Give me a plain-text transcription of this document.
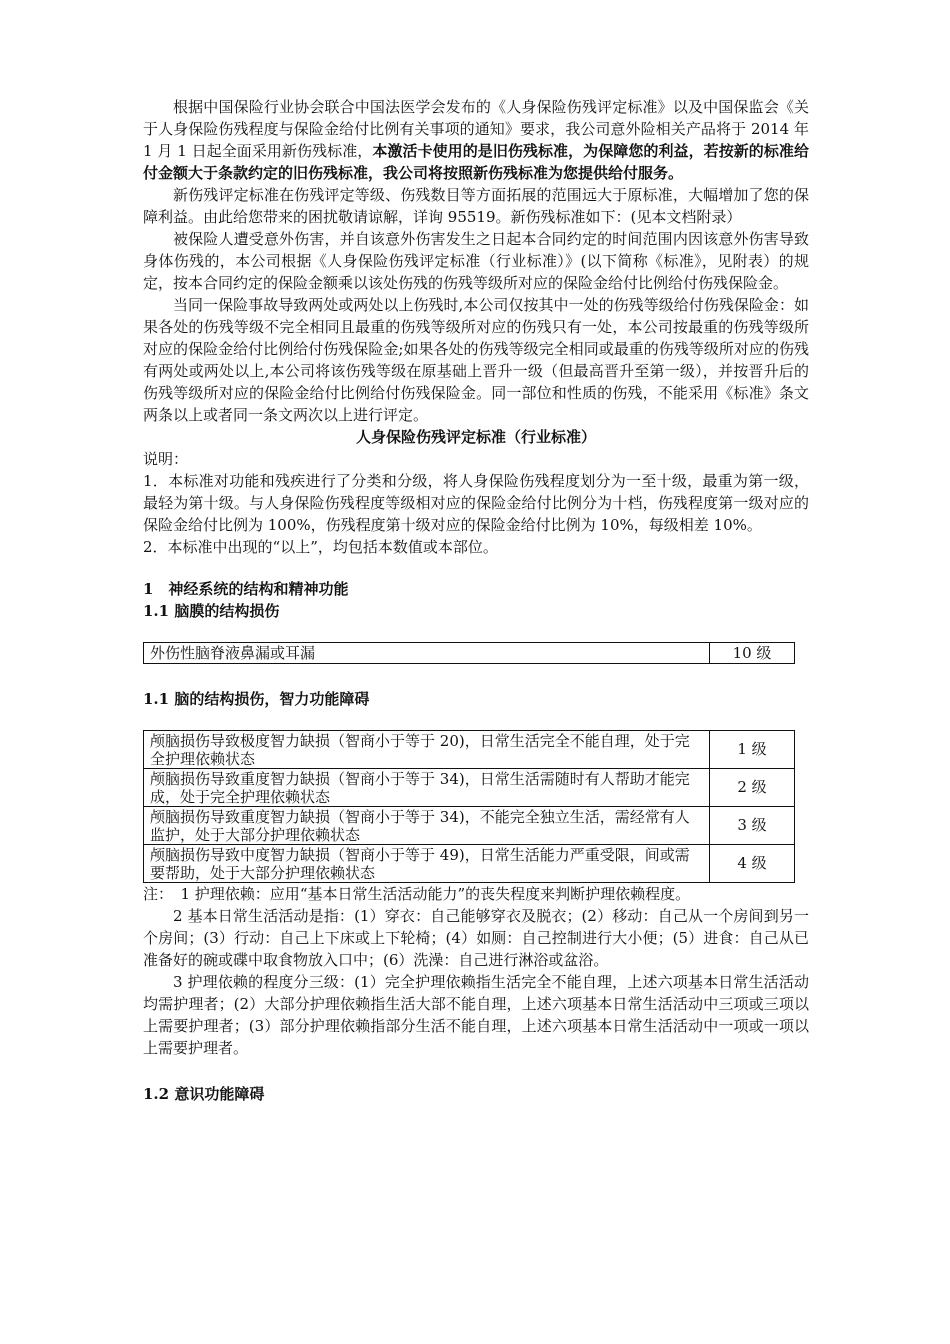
根据中国保险行业协会联合中国法医学会发布的《人身保险伤残评定标准》以及中国保监会《关于人身保险伤残程度与保险金给付比例有关事项的通知》要求，我公司意外险相关产品将于 2014 年 1 月 1 日起全面采用新伤残标准，本激活卡使用的是旧伤残标准，为保障您的利益，若按新的标准给付金额大于条款约定的旧伤残标准，我公司将按照新伤残标准为您提供给付服务。

新伤残评定标准在伤残评定等级、伤残数目等方面拓展的范围远大于原标准，大幅增加了您的保障利益。由此给您带来的困扰敬请谅解，详询 95519。新伤残标准如下：(见本文档附录）

被保险人遭受意外伤害，并自该意外伤害发生之日起本合同约定的时间范围内因该意外伤害导致身体伤残的，本公司根据《人身保险伤残评定标准（行业标准）》(以下简称《标准》，见附表）的规定，按本合同约定的保险金额乘以该处伤残的伤残等级所对应的保险金给付比例给付伤残保险金。

当同一保险事故导致两处或两处以上伤残时,本公司仅按其中一处的伤残等级给付伤残保险金：如果各处的伤残等级不完全相同且最重的伤残等级所对应的伤残只有一处，本公司按最重的伤残等级所对应的保险金给付比例给付伤残保险金;如果各处的伤残等级完全相同或最重的伤残等级所对应的伤残有两处或两处以上,本公司将该伤残等级在原基础上晋升一级（但最高晋升至第一级），并按晋升后的伤残等级所对应的保险金给付比例给付伤残保险金。同一部位和性质的伤残，不能采用《标准》条文两条以上或者同一条文两次以上进行评定。

人身保险伤残评定标准（行业标准）

说明：

1．本标准对功能和残疾进行了分类和分级，将人身保险伤残程度划分为一至十级，最重为第一级，最轻为第十级。与人身保险伤残程度等级相对应的保险金给付比例分为十档，伤残程度第一级对应的保险金给付比例为 100%，伤残程度第十级对应的保险金给付比例为 10%，每级相差 10%。

2．本标准中出现的“以上”，均包括本数值或本部位。

1　神经系统的结构和精神功能

1.1 脑膜的结构损伤

外伤性脑脊液鼻漏或耳漏	10 级

1.1 脑的结构损伤，智力功能障碍

颅脑损伤导致极度智力缺损（智商小于等于 20)，日常生活完全不能自理，处于完全护理依赖状态	1 级
颅脑损伤导致重度智力缺损（智商小于等于 34)，日常生活需随时有人帮助才能完成，处于完全护理依赖状态	2 级
颅脑损伤导致重度智力缺损（智商小于等于 34)，不能完全独立生活，需经常有人监护，处于大部分护理依赖状态	3 级
颅脑损伤导致中度智力缺损（智商小于等于 49)，日常生活能力严重受限，间或需要帮助，处于大部分护理依赖状态	4 级

注：　1 护理依赖：应用“基本日常生活活动能力”的丧失程度来判断护理依赖程度。

2 基本日常生活活动是指：(1）穿衣：自己能够穿衣及脱衣；(2）移动：自己从一个房间到另一个房间；(3）行动：自己上下床或上下轮椅；(4）如厕：自己控制进行大小便；(5）进食：自己从已准备好的碗或碟中取食物放入口中；(6）洗澡：自己进行淋浴或盆浴。

3 护理依赖的程度分三级：(1）完全护理依赖指生活完全不能自理，上述六项基本日常生活活动均需护理者；(2）大部分护理依赖指生活大部不能自理，上述六项基本日常生活活动中三项或三项以上需要护理者；(3）部分护理依赖指部分生活不能自理，上述六项基本日常生活活动中一项或一项以上需要护理者。

1.2 意识功能障碍
